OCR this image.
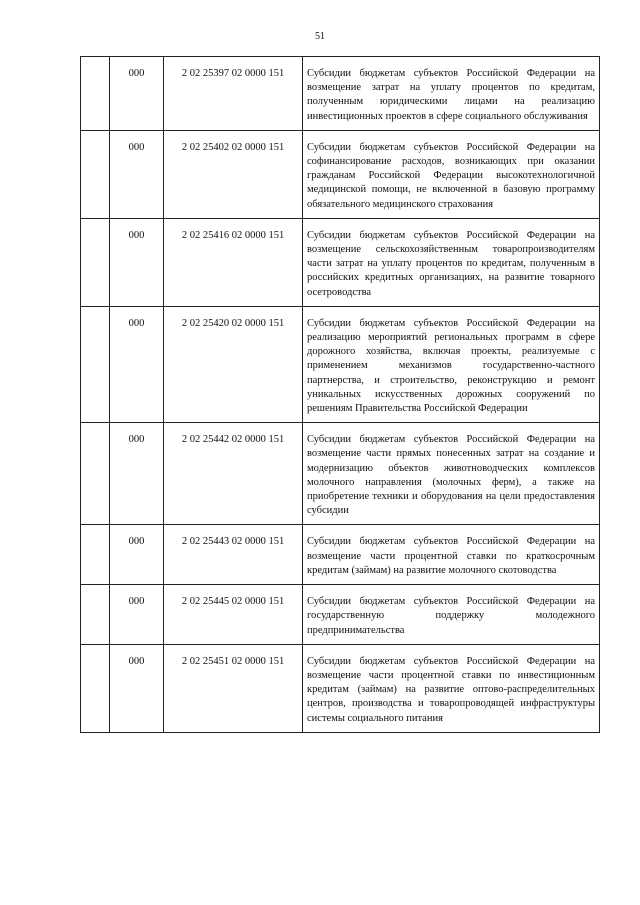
51
	000	2 02 25397 02 0000 151	Субсидии бюджетам субъектов Российской Федерации на возмещение затрат на уплату процентов по кредитам, полученным юридическими лицами на реализацию инвестиционных проектов в сфере социального обслуживания
	000	2 02 25402 02 0000 151	Субсидии бюджетам субъектов Российской Федерации на софинансирование расходов, возникающих при оказании гражданам Российской Федерации высокотехнологичной медицинской помощи, не включенной в базовую программу обязательного медицинского страхования
	000	2 02 25416 02 0000 151	Субсидии бюджетам субъектов Российской Федерации на возмещение сельскохозяйственным товаропроизводителям части затрат на уплату процентов по кредитам, полученным в российских кредитных организациях, на развитие товарного осетроводства
	000	2 02 25420 02 0000 151	Субсидии бюджетам субъектов Российской Федерации на реализацию мероприятий региональных программ в сфере дорожного хозяйства, включая проекты, реализуемые с применением механизмов государственно-частного партнерства, и строительство, реконструкцию и ремонт уникальных искусственных дорожных сооружений по решениям Правительства Российской Федерации
	000	2 02 25442 02 0000 151	Субсидии бюджетам субъектов Российской Федерации на возмещение части прямых понесенных затрат на создание и модернизацию объектов животноводческих комплексов молочного направления (молочных ферм), а также на приобретение техники и оборудования на цели предоставления субсидии
	000	2 02 25443 02 0000 151	Субсидии бюджетам субъектов Российской Федерации на возмещение части процентной ставки по краткосрочным кредитам (займам) на развитие молочного скотоводства
	000	2 02 25445 02 0000 151	Субсидии бюджетам субъектов Российской Федерации на государственную поддержку молодежного предпринимательства
	000	2 02 25451 02 0000 151	Субсидии бюджетам субъектов Российской Федерации на возмещение части процентной ставки по инвестиционным кредитам (займам) на развитие оптово-распределительных центров, производства и товаропроводящей инфраструктуры системы социального питания
